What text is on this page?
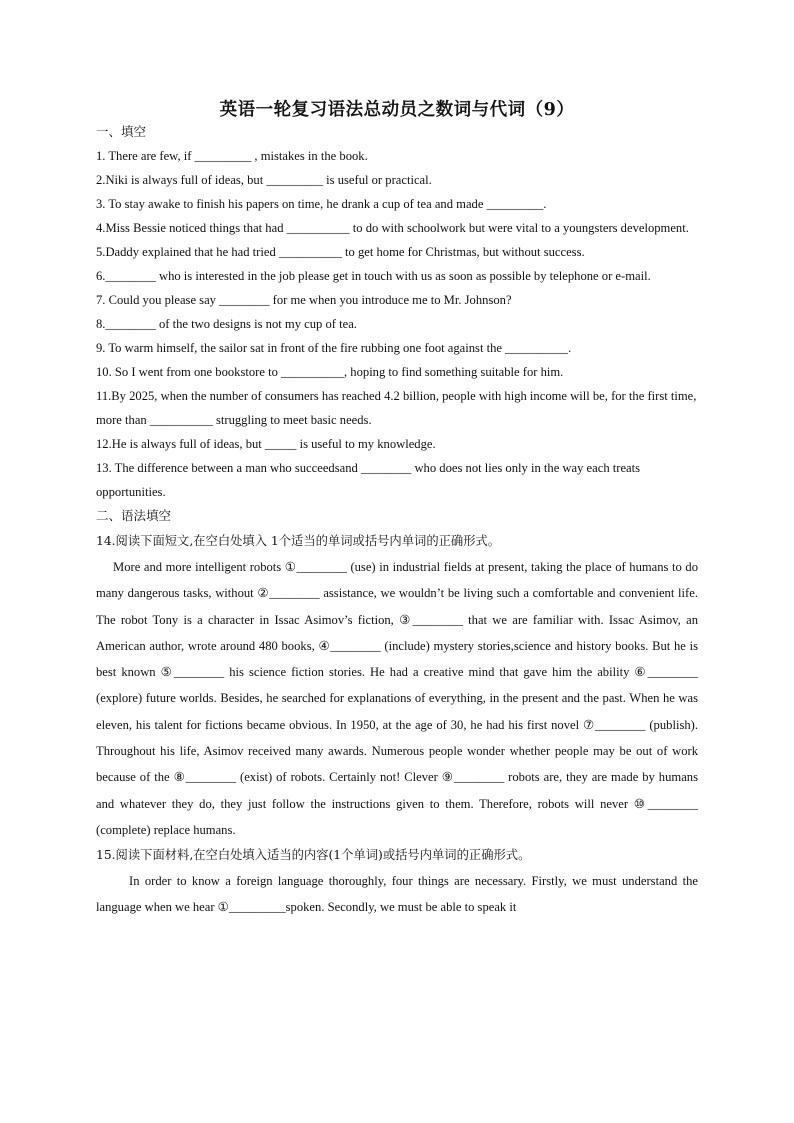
英语一轮复习语法总动员之数词与代词（9）
一、填空

1. There are few, if _________ , mistakes in the book.

2.Niki is always full of ideas, but _________ is useful or practical.

3. To stay awake to finish his papers on time, he drank a cup of tea and made _________.

4.Miss Bessie noticed things that had __________ to do with schoolwork but were vital to a youngsters development.

5.Daddy explained that he had tried __________ to get home for Christmas, but without success.

6.________ who is interested in the job please get in touch with us as soon as possible by telephone or e-mail.

7. Could you please say ________ for me when you introduce me to Mr. Johnson?

8.________ of the two designs is not my cup of tea.

9. To warm himself, the sailor sat in front of the fire rubbing one foot against the __________.

10. So I went from one bookstore to __________, hoping to find something suitable for him.

11.By 2025, when the number of consumers has reached 4.2 billion, people with high income will be, for the first time, more than __________ struggling to meet basic needs.

12.He is always full of ideas, but _____ is useful to my knowledge.

13. The difference between a man who succeedsand ________ who does not lies only in the way each treats opportunities.

二、语法填空
14.阅读下面短文,在空白处填入 1个适当的单词或括号内单词的正确形式。

More and more intelligent robots ①________ (use) in industrial fields at present, taking the place of humans to do many dangerous tasks, without ②________ assistance, we wouldn’t be living such a comfortable and convenient life. The robot Tony is a character in Issac Asimov’s fiction, ③________ that we are familiar with. Issac Asimov, an American author, wrote around 480 books, ④________ (include) mystery stories,science and history books. But he is best known ⑤________ his science fiction stories. He had a creative mind that gave him the ability ⑥________ (explore) future worlds. Besides, he searched for explanations of everything, in the present and the past. When he was eleven, his talent for fictions became obvious. In 1950, at the age of 30, he had his first novel ⑦________ (publish). Throughout his life, Asimov received many awards. Numerous people wonder whether people may be out of work because of the ⑧________ (exist) of robots. Certainly not! Clever ⑨________ robots are, they are made by humans and whatever they do, they just follow the instructions given to them. Therefore, robots will never ⑩________ (complete) replace humans.

15.阅读下面材料,在空白处填入适当的内容(1个单词)或括号内单词的正确形式。

In order to know a foreign language thoroughly, four things are necessary. Firstly, we must understand the language when we hear ①_________spoken. Secondly, we must be able to speak it
